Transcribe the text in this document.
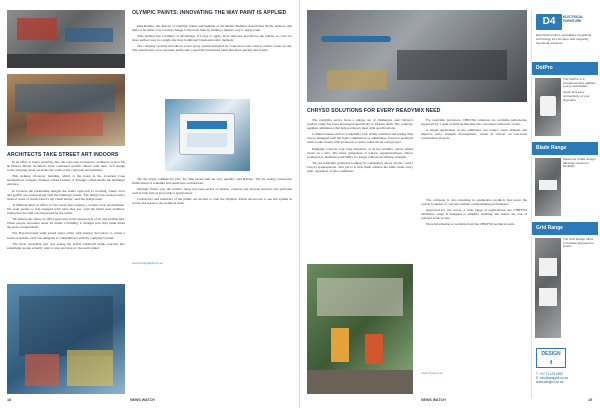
ARCHITECTS TAKE STREET ART INDOORS

In an effort to inject creativity into the corporate workspace, architects at Iron SA & Interior Brand Architects have combined graffiti culture with their own design work, bringing street art inside the walls of the corporate environment.

This striking 22-storey building, which is the latest in the Lowland Cape headquarters complex, features a Dark Central, or Triangle, which marks the building's entrance.

In Creative the partnership designs the team's approach to working, where color and graffiti are rotated along with the building's needs. 'The design was created with a team of some of South Africa's top visual artists,' said the design team.

'A different kind of office: it isn't about just creating a normal work environment. We want people to feel engaged with what they see,' said the firm's lead architect, noting that the staff was impressed by the result.

'We believe the future of office space lies in the intersection of art and architecture. When people encounter street art inside a building, it changes how they think about the space around them.'

The Pretoria-based team paired street artists with interior decorators to create a series of murals, each one designed to communicate with the company's brand.

'The most rewarding part was seeing the artists transform blank concrete into something people actually want to stop and look at,' the team added.

OLYMPIC PAINTS: INNOVATING THE WAY PAINT IS APPLIED

Paul Rubino, the director of Olympic Paints and member of the Master Builders Association North, believes that there is no better way to bring change to the trade than by finding a smarter way to apply paint.

'This method has a number of advantages. It's easy to apply, more uniform, and allows the painter to cover far more surface area in a single day than traditional brush-and-roller methods.'

The company recently introduced a new spray system designed for contractors who want to reduce waste on site. The system uses a low-pressure pump and a specially formulated paint that dries quickly and evenly.

'On the larger commercial jobs, the time saved adds up very quickly,' said Rubino. 'We are seeing contractors finish ahead of schedule and spend less on materials.'

Olympic Paints says the product range has been tested on plaster, concrete and drywall surfaces and performs well in both indoor and outdoor applications.

Contractors and members of the public are invited to visit the Olympic Paints showroom to see the system in action and speak to the technical team.

www.olympicpaints.co.za
18	NEWS WATCH
CHRYSO SOLUTIONS FOR EVERY READYMIX NEED

The readymix sector faces a unique set of challenges, and Chryso's product range has been developed specifically to address them. The company supplies admixtures that help producers meet tight specifications.

Common issues such as workability loss, slump retention and setting time can be managed with the right combination of admixtures. Chryso's technical team works closely with producers to tailor solutions for each project.

Pumping concrete over long distances, or in hot weather, places added strain on a mix. The latest generation of Chryso superplasticisers allows producers to maintain workability for longer without sacrificing strength.

'We see readymix producers looking for consistency above all else,' said a Chryso spokesperson. 'Our job is to help them achieve the same result every time, regardless of site conditions.'

For readymix producers, CHRYSO solutions are available nationwide, supported by a team of field technicians who can assist with trials on site.

A single application of the admixture can reduce water demand and improve early strength development, which is critical on fast-track construction projects.

The company is also investing in sustainable products that lower the carbon footprint of concrete without compromising performance.

Approved for use across a wide range of applications, the CHRYSO admixture range is designed to simplify batching and reduce the risk of rejected loads on site.

More information is available from the CHRYSO technical team.

www.chryso.co.za
NEWS WATCH	19
D4	ELECTRICAL FURNITURE
Electrical furniture specialists integrating technology into furniture with elegantly functional solutions.
DotPro

The DotPro is a complementary addition to any workstation.

Quick and easy connectivity at your fingertips.

Blade Range

Sleek low profile design allowing maximum flexibility.

Grid Range

The Grid Range offers a modular approach to power.

DESIGN
4
T: +27 11 123 4567
E: info@design4.co.za
www.design4.co.za
